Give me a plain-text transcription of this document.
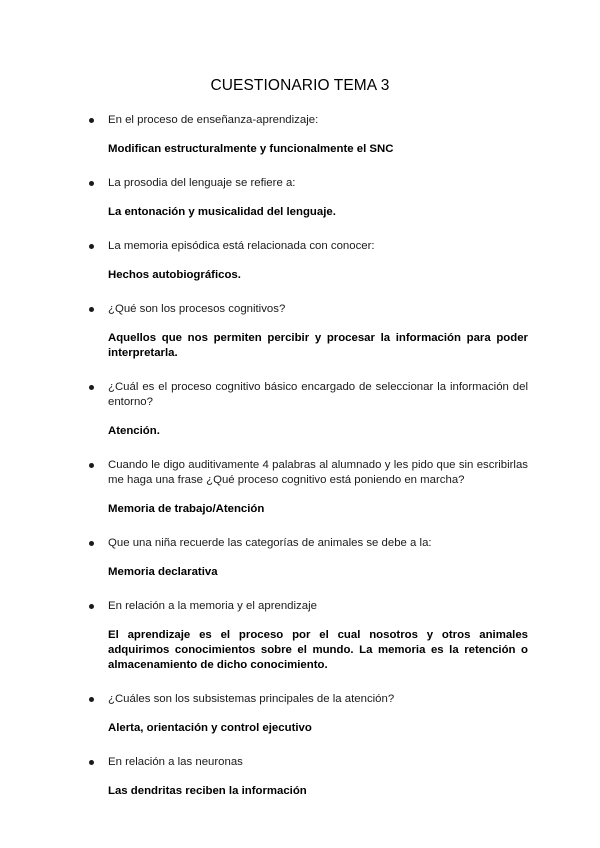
CUESTIONARIO TEMA 3
En el proceso de enseñanza-aprendizaje:
Modifican estructuralmente y funcionalmente el SNC
La prosodia del lenguaje se refiere a:
La entonación y musicalidad del lenguaje.
La memoria episódica está relacionada con conocer:
Hechos autobiográficos.
¿Qué son los procesos cognitivos?
Aquellos que nos permiten percibir y procesar la información para poder interpretarla.
¿Cuál es el proceso cognitivo básico encargado de seleccionar la información del entorno?
Atención.
Cuando le digo auditivamente 4 palabras al alumnado y les pido que sin escribirlas me haga una frase ¿Qué proceso cognitivo está poniendo en marcha?
Memoria de trabajo/Atención
Que una niña recuerde las categorías de animales se debe a la:
Memoria declarativa
En relación a la memoria y el aprendizaje
El aprendizaje es el proceso por el cual nosotros y otros animales adquirimos conocimientos sobre el mundo. La memoria es la retención o almacenamiento de dicho conocimiento.
¿Cuáles son los subsistemas principales de la atención?
Alerta, orientación y control ejecutivo
En relación a las neuronas
Las dendritas reciben la información
